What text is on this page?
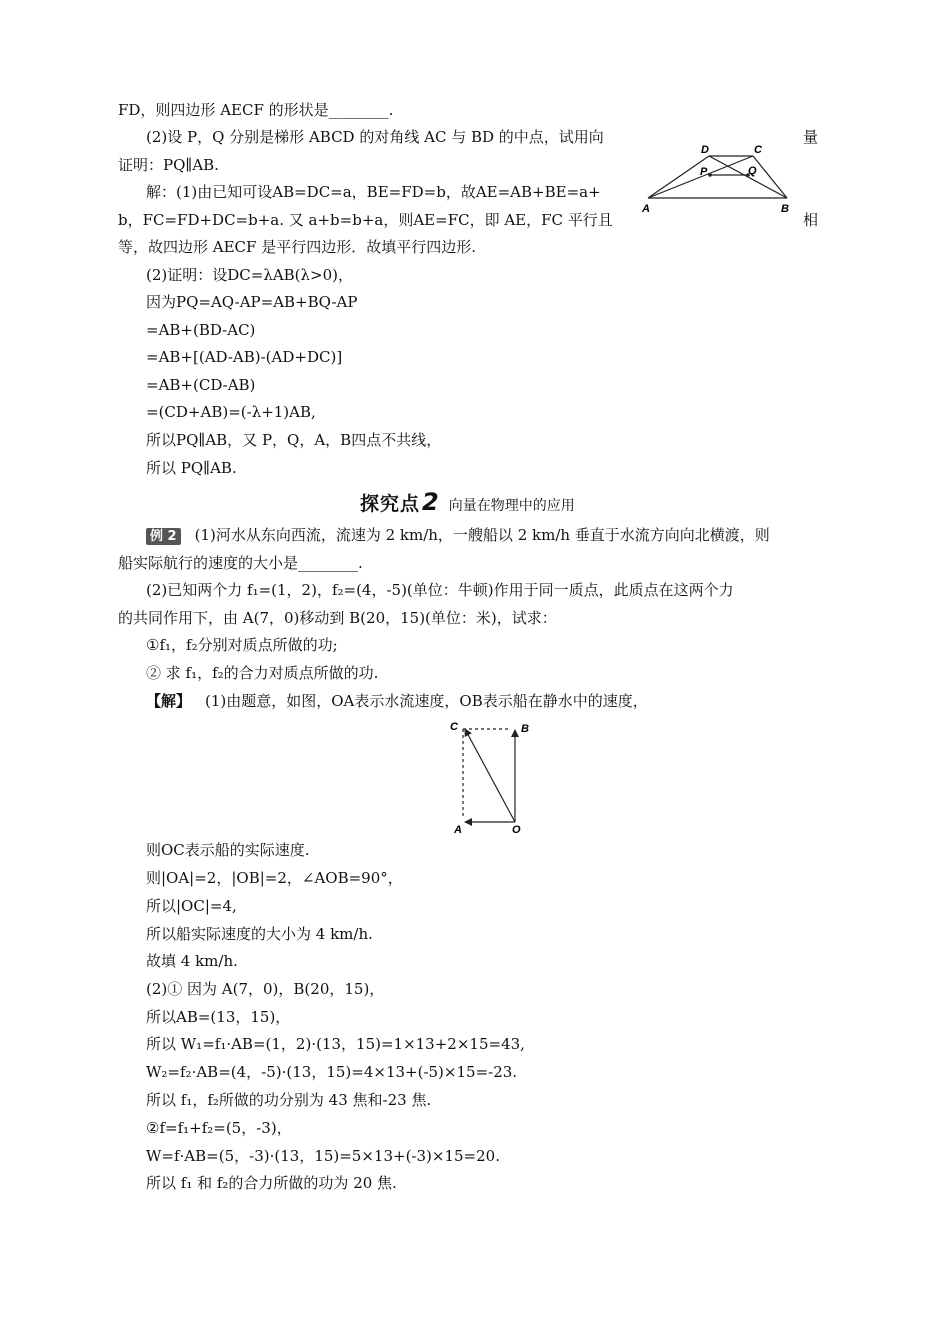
FD，则四边形 AECF 的形状是________.
(2)设 P，Q 分别是梯形 ABCD 的对角线 AC 与 BD 的中点，试用向
证明：PQ∥AB.
解：(1)由已知可设AB=DC=a，BE=FD=b，故AE=AB+BE=a+
b，FC=FD+DC=b+a. 又 a+b=b+a，则AE=FC，即 AE，FC 平行且
等，故四边形 AECF 是平行四边形．故填平行四边形.
(2)证明：设DC=λAB(λ>0)，
因为PQ=AQ-AP=AB+BQ-AP
=AB+(BD-AC)
=AB+[(AD-AB)-(AD+DC)]
=AB+(CD-AB)
=(CD+AB)=(-λ+1)AB,
所以PQ∥AB，又 P，Q，A，B四点不共线，
所以 PQ∥AB.
量
相
D	C
P	Q
A	B
探究点2 向量在物理中的应用
例 2 (1)河水从东向西流，流速为 2 km/h，一艘船以 2 km/h 垂直于水流方向向北横渡，则
船实际航行的速度的大小是________.
(2)已知两个力 f₁=(1，2)，f₂=(4，-5)(单位：牛顿)作用于同一质点，此质点在这两个力
的共同作用下，由 A(7，0)移动到 B(20，15)(单位：米)，试求：
①f₁，f₂分别对质点所做的功;
② 求 f₁，f₂的合力对质点所做的功.
【解】 (1)由题意，如图，OA表示水流速度，OB表示船在静水中的速度，
C	B
A	O
则OC表示船的实际速度.
则|OA|=2，|OB|=2，∠AOB=90°，
所以|OC|=4,
所以船实际速度的大小为 4 km/h.
故填 4 km/h.
(2)① 因为 A(7，0)，B(20，15)，
所以AB=(13，15)，
所以 W₁=f₁·AB=(1，2)·(13，15)=1×13+2×15=43,
W₂=f₂·AB=(4，-5)·(13，15)=4×13+(-5)×15=-23.
所以 f₁，f₂所做的功分别为 43 焦和-23 焦.
②f=f₁+f₂=(5，-3)，
W=f·AB=(5，-3)·(13，15)=5×13+(-3)×15=20.
所以 f₁ 和 f₂的合力所做的功为 20 焦.
